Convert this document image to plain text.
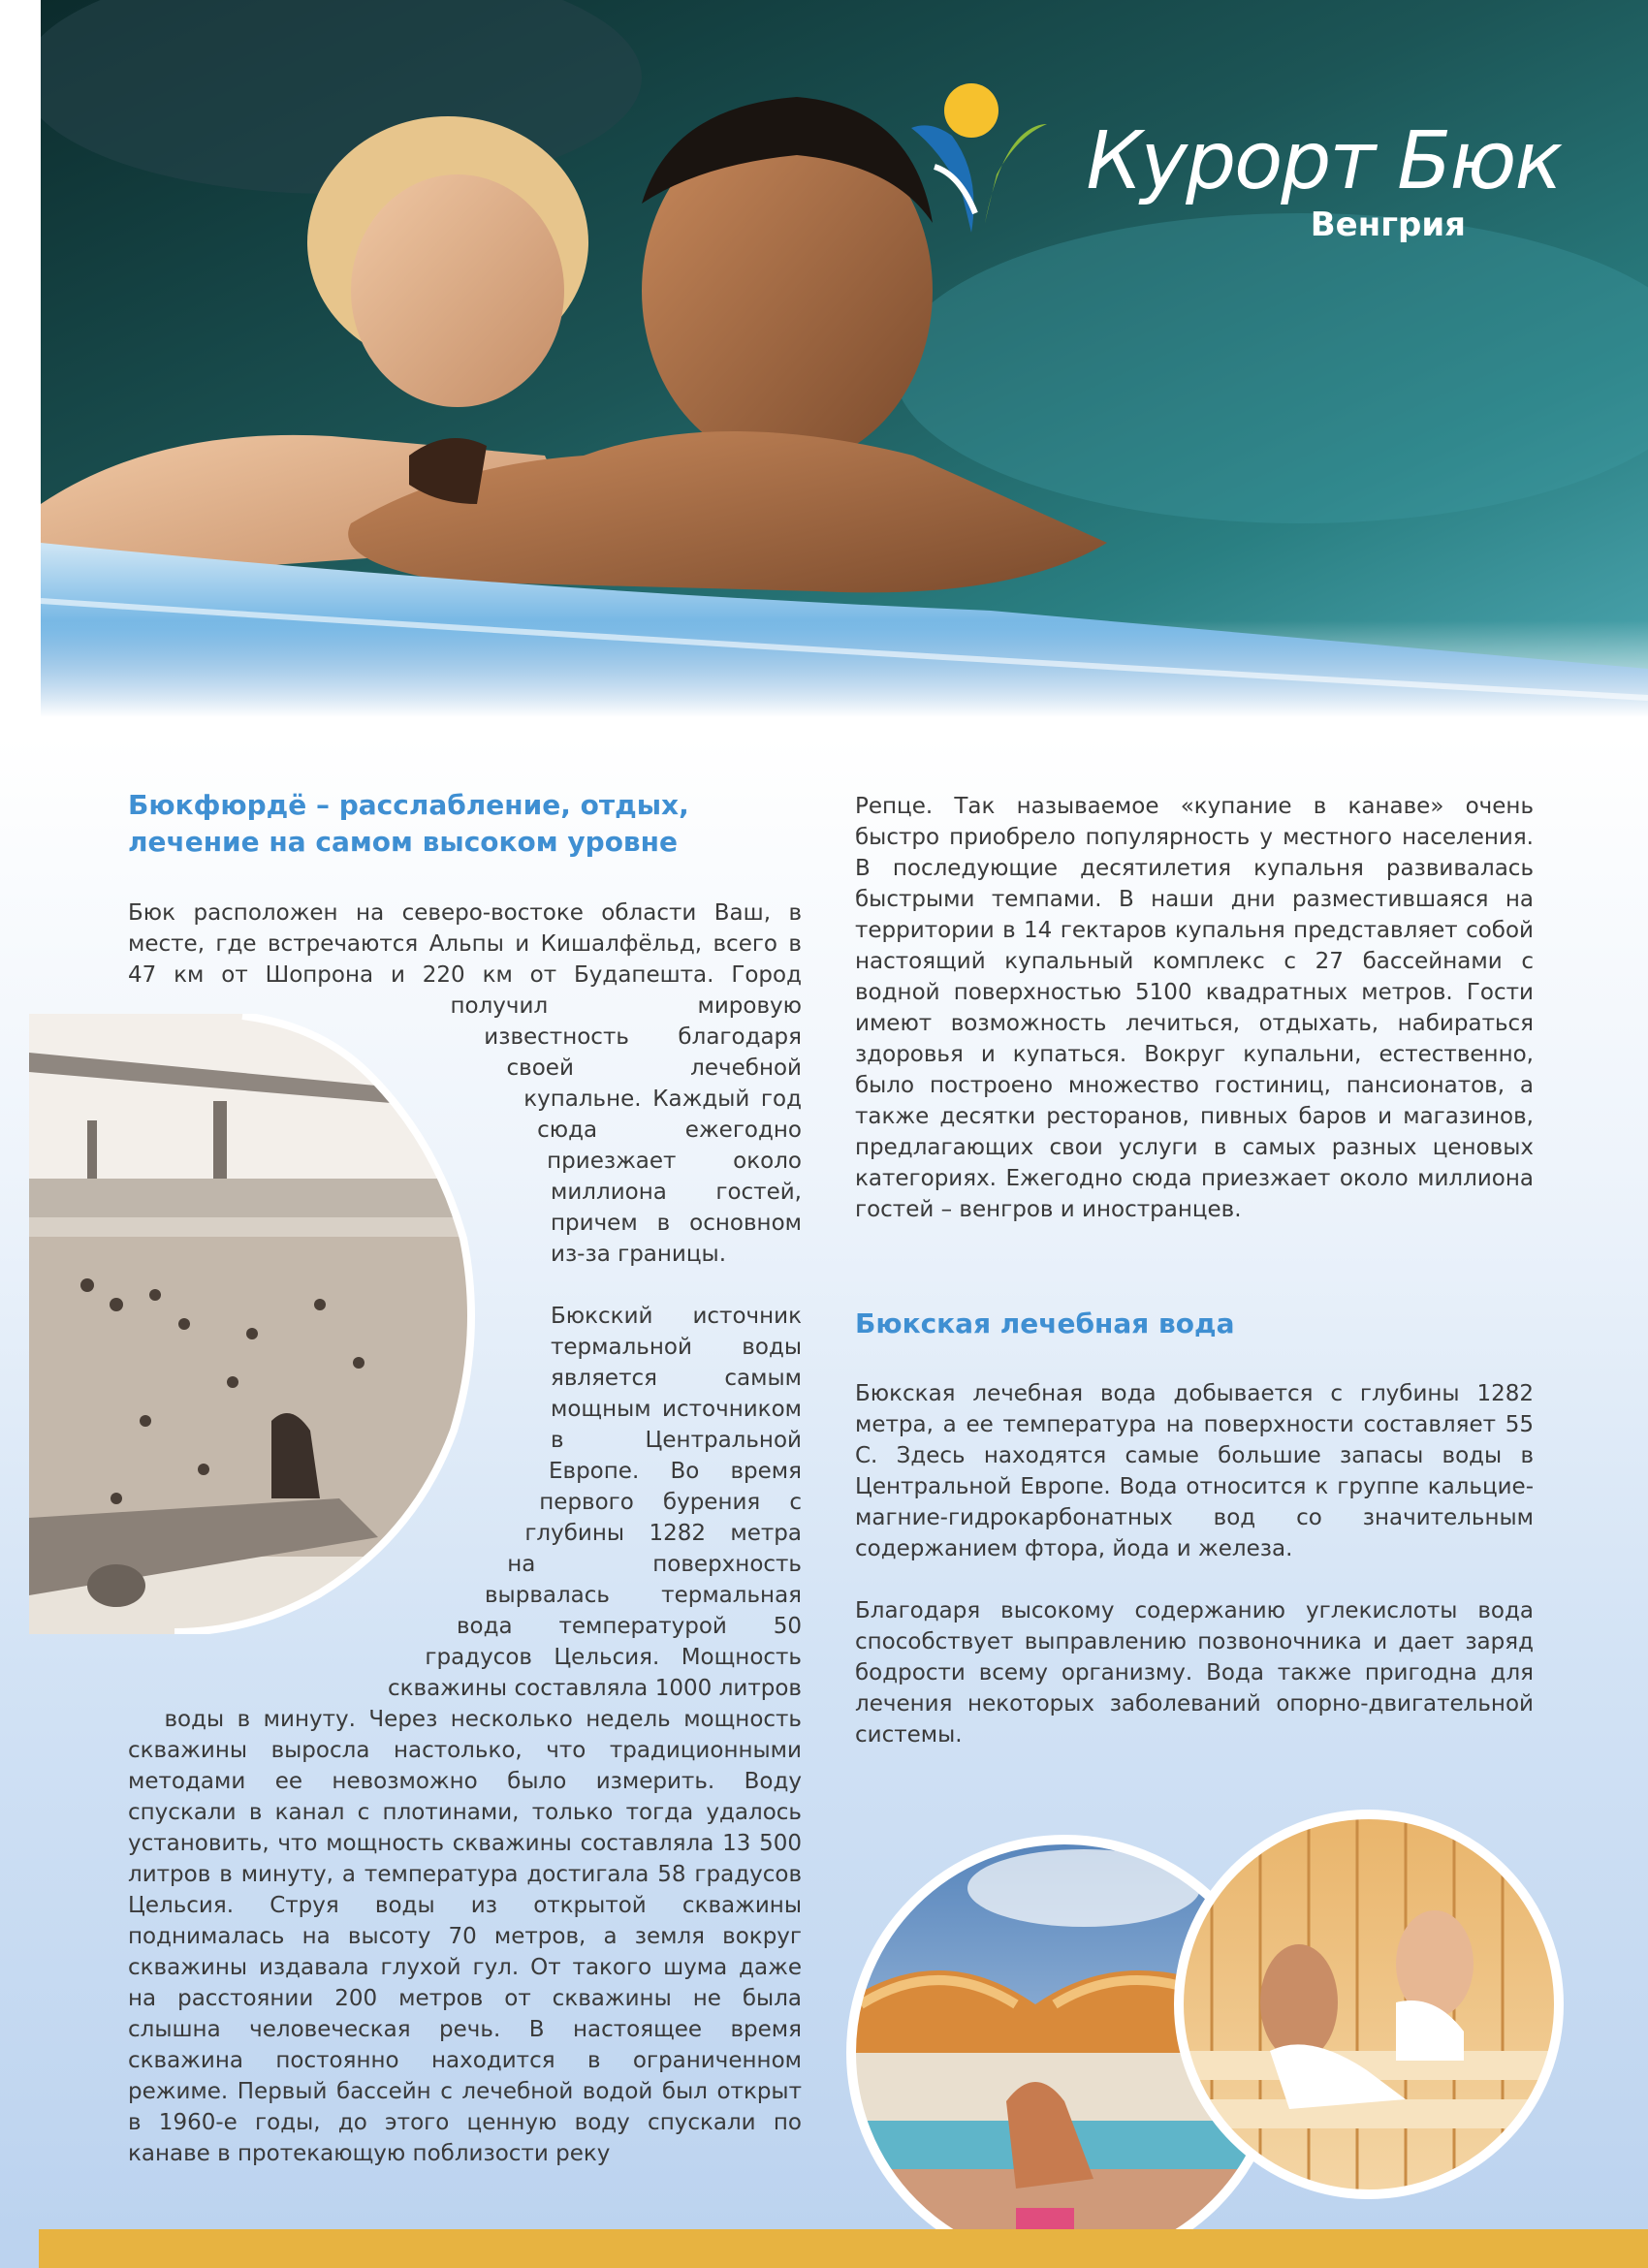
Курорт Бюк
Венгрия
Бюкфюрдё – расслабление, отдых, лечение на самом высоком уровне

Бюк расположен на северо-востоке области Ваш, в месте, где встречаются Альпы и Кишалфёльд, всего в 47 км от Шопрона и 220 км от Будапешта. Город получил мировую известность благодаря своей лечебной купальне. Каждый год сюда ежегодно приезжает около миллиона гостей, причем в основном из-за границы.

Бюкский источник термальной воды является самым мощным источником в Центральной Европе. Во время первого бурения с глубины 1282 метра на поверхность вырвалась термальная вода температурой 50 градусов Цельсия. Мощность скважины составляла 1000 литров воды в минуту. Через несколько недель мощность скважины выросла настолько, что традиционными методами ее невозможно было измерить. Воду спускали в канал с плотинами, только тогда удалось установить, что мощность скважины составляла 13 500 литров в минуту, а температура достигала 58 градусов Цельсия. Струя воды из открытой скважины поднималась на высоту 70 метров, а земля вокруг скважины издавала глухой гул. От такого шума даже на расстоянии 200 метров от скважины не была слышна человеческая речь. В настоящее время скважина постоянно находится в ограниченном режиме. Первый бассейн с лечебной водой был открыт в 1960-е годы, до этого ценную воду спускали по канаве в протекающую поблизости реку

Репце. Так называемое «купание в канаве» очень быстро приобрело популярность у местного населения. В последующие десятилетия купальня развивалась быстрыми темпами. В наши дни разместившаяся на территории в 14 гектаров купальня представляет собой настоящий купальный комплекс с 27 бассейнами с водной поверхностью 5100 квадратных метров. Гости имеют возможность лечиться, отдыхать, набираться здоровья и купаться. Вокруг купальни, естественно, было построено множество гостиниц, пансионатов, а также десятки ресторанов, пивных баров и магазинов, предлагающих свои услуги в самых разных ценовых категориях. Ежегодно сюда приезжает около миллиона гостей – венгров и иностранцев.

Бюкская лечебная вода

Бюкская лечебная вода добывается с глубины 1282 метра, а ее температура на поверхности составляет 55 С. Здесь находятся самые большие запасы воды в Центральной Европе. Вода относится к группе кальцие-магние-гидрокарбонатных вод со значительным содержанием фтора, йода и железа.

Благодаря высокому содержанию углекислоты вода способствует выправлению позвоночника и дает заряд бодрости всему организму. Вода также пригодна для лечения некоторых заболеваний опорно-двигательной системы.
